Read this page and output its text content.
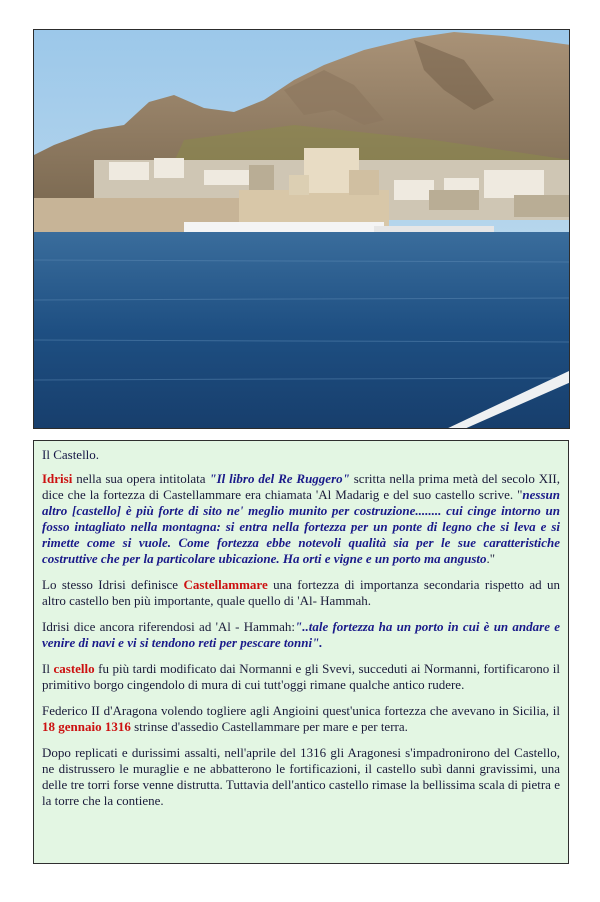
Il Castello.

Idrisi nella sua opera intitolata "Il libro del Re Ruggero" scritta nella prima metà del secolo XII, dice che la fortezza di Castellammare era chiamata 'Al Madarig e del suo castello scrive. "nessun altro [castello] è più forte di sito ne' meglio munito per costruzione........ cui cinge intorno un fosso intagliato nella montagna: si entra nella fortezza per un ponte di legno che si leva e si rimette come si vuole. Come fortezza ebbe notevoli qualità sia per le sue caratteristiche costruttive che per la particolare ubicazione. Ha orti e vigne e un porto ma angusto."

Lo stesso Idrisi definisce Castellammare una fortezza di importanza secondaria rispetto ad un altro castello ben più importante, quale quello di 'Al- Hammah.

Idrisi dice ancora riferendosi ad 'Al - Hammah:"..tale fortezza ha un porto in cui è un andare e venire di navi e vi si tendono reti per pescare tonni".

Il castello fu più tardi modificato dai Normanni e gli Svevi, succeduti ai Normanni, fortificarono il primitivo borgo cingendolo di mura di cui tutt'oggi rimane qualche antico rudere.

Federico II d'Aragona volendo togliere agli Angioini quest'unica fortezza che avevano in Sicilia, il 18 gennaio 1316 strinse d'assedio Castellammare per mare e per terra.

Dopo replicati e durissimi assalti, nell'aprile del 1316 gli Aragonesi s'impadronirono del Castello, ne distrussero le muraglie e ne abbatterono le fortificazioni, il castello subì danni gravissimi, una delle tre torri forse venne distrutta. Tuttavia dell'antico castello rimase la bellissima scala di pietra e la torre che la contiene.
